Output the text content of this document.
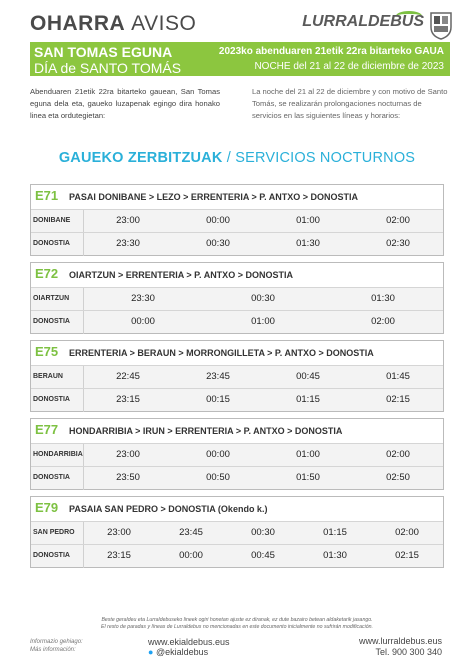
OHARRA AVISO	LURRALDEBUS
SAN TOMAS EGUNA
DÍA de SANTO TOMÁS
2023ko abenduaren 21etik 22ra bitarteko GAUA
NOCHE del 21 al 22 de diciembre de 2023
Abenduaren 21etik 22ra bitarteko gauean, San Tomas eguna dela eta, gaueko luzapenak egingo dira honako linea eta ordutegietan:
La noche del 21 al 22 de diciembre y con motivo de Santo Tomás, se realizarán prolongaciones nocturnas de servicios en las siguientes líneas y horarios:
GAUEKO ZERBITZUAK / SERVICIOS NOCTURNOS
E71 PASAI DONIBANE > LEZO > ERRENTERIA > P. ANTXO > DONOSTIA
DONIBANE	23:00	00:00	01:00	02:00
DONOSTIA	23:30	00:30	01:30	02:30
E72 OIARTZUN > ERRENTERIA > P. ANTXO > DONOSTIA
OIARTZUN	23:30	00:30	01:30
DONOSTIA	00:00	01:00	02:00
E75 ERRENTERIA > BERAUN > MORRONGILLETA > P. ANTXO > DONOSTIA
BERAUN	22:45	23:45	00:45	01:45
DONOSTIA	23:15	00:15	01:15	02:15
E77 HONDARRIBIA > IRUN > ERRENTERIA > P. ANTXO > DONOSTIA
HONDARRIBIA	23:00	00:00	01:00	02:00
DONOSTIA	23:50	00:50	01:50	02:50
E79 PASAIA SAN PEDRO > DONOSTIA (Okendo k.)
SAN PEDRO	23:00	23:45	00:30	01:15	02:00
DONOSTIA	23:15	00:00	00:45	01:30	02:15
Beste geraldeu eta Lurraldebuseko lineek ogiri honetan ajuste ez diranak, ez dute bazairo betean aldaketarik jasango.
El resto de paradas y líneas de Lurraldebus no mencionadas en este documento inicialmente no sufrirán modificación.
Informazio gehiago:
Más información:
www.ekialdebus.eus
● @ekialdebus
www.lurraldebus.eus
Tel. 900 300 340
